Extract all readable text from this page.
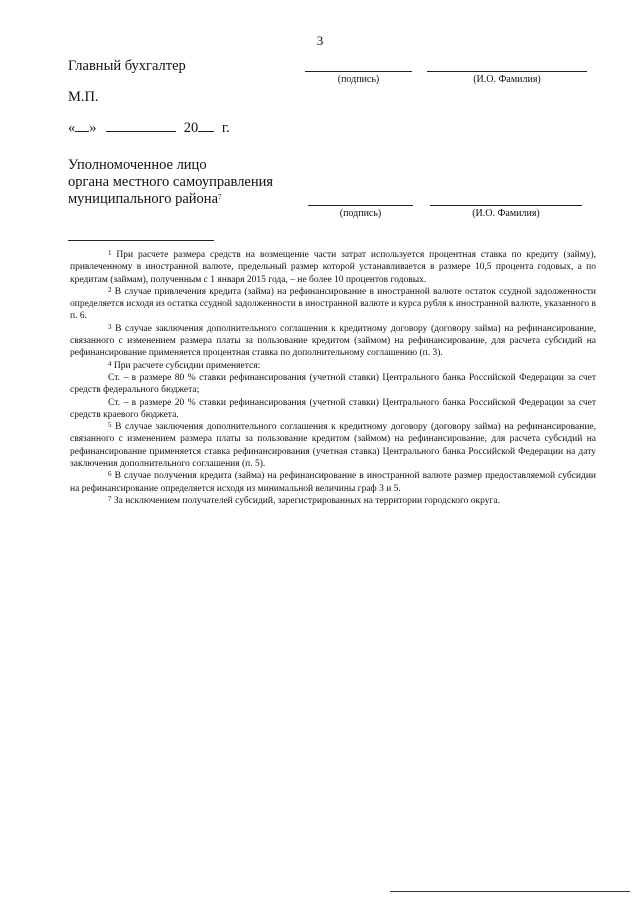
3
Главный бухгалтер
(подпись)	(И.О. Фамилия)
М.П.
« »	20 г.
Уполномоченное лицо
органа местного самоуправления
муниципального района$^7$
(подпись)	(И.О. Фамилия)

$^1$ При расчете размера средств на возмещение части затрат используется процентная ставка по кредиту (займу), привлеченному в иностранной валюте, предельный размер которой устанавливается в размере 10,5 процента годовых, а по кредитам (займам), полученным с 1 января 2015 года, – не более 10 процентов годовых.

$^2$ В случае привлечения кредита (займа) на рефинансирование в иностранной валюте остаток ссудной задолженности определяется исходя из остатка ссудной задолженности в иностранной валюте и курса рубля к иностранной валюте, указанного в п. 6.

$^3$ В случае заключения дополнительного соглашения к кредитному договору (договору займа) на рефинансирование, связанного с изменением размера платы за пользование кредитом (займом) на рефинансирование, для расчета субсидий на рефинансирование применяется процентная ставка по дополнительному соглашению (п. 3).

$^4$ При расчете субсидии применяется:

Ст. – в размере 80 % ставки рефинансирования (учетной ставки) Центрального банка Российской Федерации за счет средств федерального бюджета;

Ст. – в размере 20 % ставки рефинансирования (учетной ставки) Центрального банка Российской Федерации за счет средств краевого бюджета.

$^5$ В случае заключения дополнительного соглашения к кредитному договору (договору займа) на рефинансирование, связанного с изменением размера платы за пользование кредитом (займом) на рефинансирование, для расчета субсидий на рефинансирование применяется ставка рефинансирования (учетная ставка) Центрального банка Российской Федерации на дату заключения дополнительного соглашения (п. 5).

$^6$ В случае получения кредита (займа) на рефинансирование в иностранной валюте размер предоставляемой субсидии на рефинансирование определяется исходя из минимальной величины граф 3 и 5.

$^7$ За исключением получателей субсидий, зарегистрированных на территории городского округа.
